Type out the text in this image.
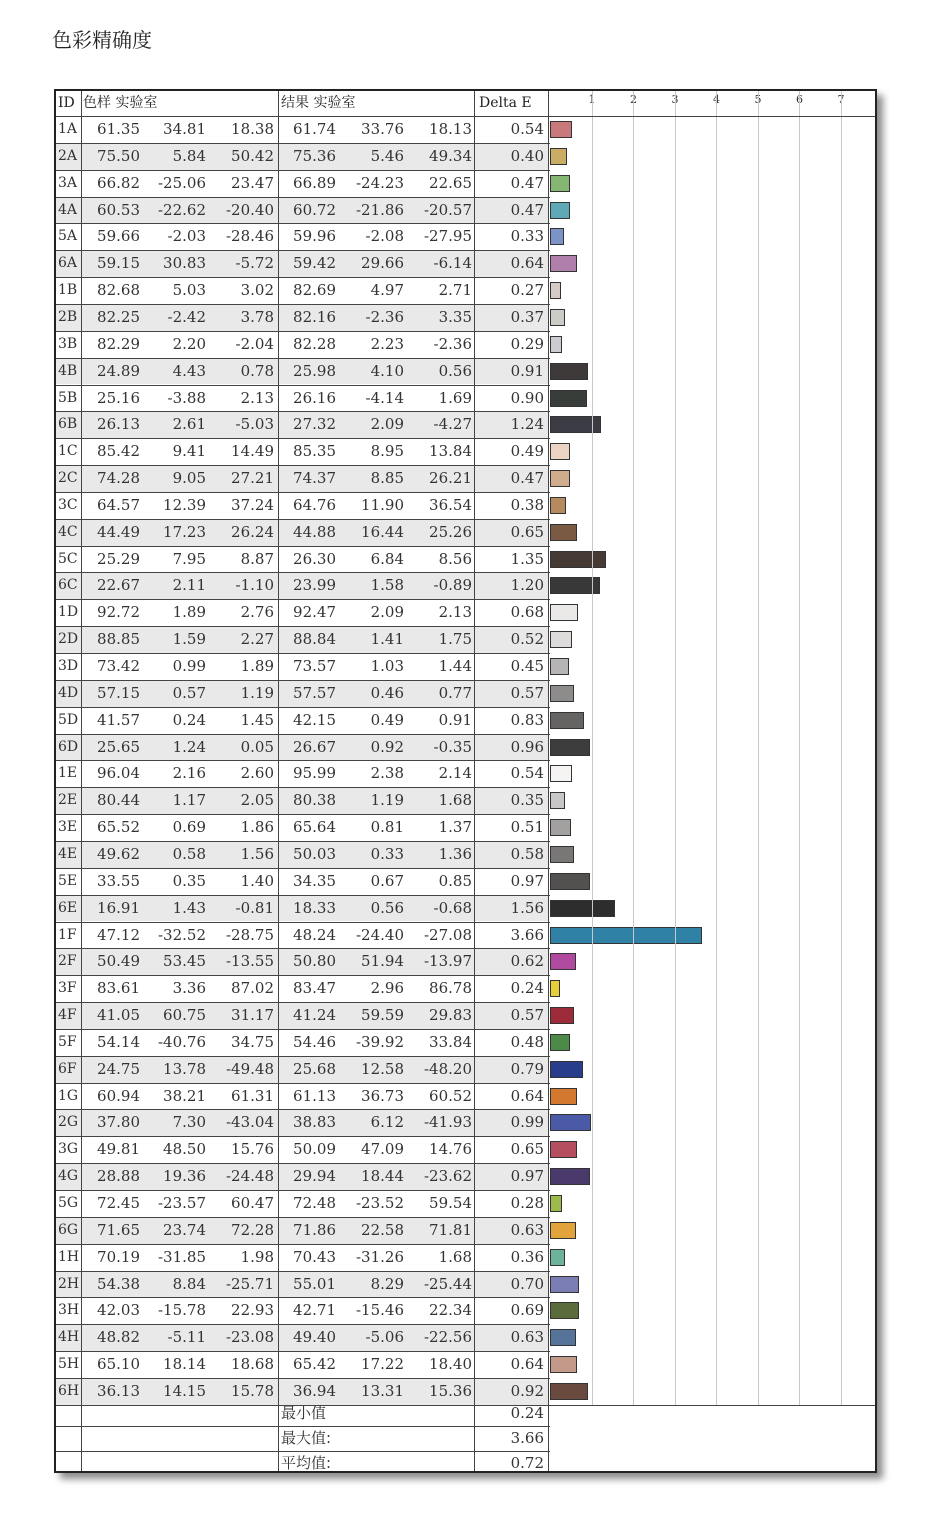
色彩精确度
ID 色样 实验室	结果 实验室	Delta E	1	2	3	4	5	6	7
1A	61.35	34.81	18.38	61.74	33.76	18.13	0.54
2A	75.50	5.84	50.42	75.36	5.46	49.34	0.40
3A	66.82	-25.06	23.47	66.89	-24.23	22.65	0.47
4A	60.53	-22.62	-20.40	60.72	-21.86	-20.57	0.47
5A	59.66	-2.03	-28.46	59.96	-2.08	-27.95	0.33
6A	59.15	30.83	-5.72	59.42	29.66	-6.14	0.64
1B	82.68	5.03	3.02	82.69	4.97	2.71	0.27
2B	82.25	-2.42	3.78	82.16	-2.36	3.35	0.37
3B	82.29	2.20	-2.04	82.28	2.23	-2.36	0.29
4B	24.89	4.43	0.78	25.98	4.10	0.56	0.91
5B	25.16	-3.88	2.13	26.16	-4.14	1.69	0.90
6B	26.13	2.61	-5.03	27.32	2.09	-4.27	1.24
1C	85.42	9.41	14.49	85.35	8.95	13.84	0.49
2C	74.28	9.05	27.21	74.37	8.85	26.21	0.47
3C	64.57	12.39	37.24	64.76	11.90	36.54	0.38
4C	44.49	17.23	26.24	44.88	16.44	25.26	0.65
5C	25.29	7.95	8.87	26.30	6.84	8.56	1.35
6C	22.67	2.11	-1.10	23.99	1.58	-0.89	1.20
1D	92.72	1.89	2.76	92.47	2.09	2.13	0.68
2D	88.85	1.59	2.27	88.84	1.41	1.75	0.52
3D	73.42	0.99	1.89	73.57	1.03	1.44	0.45
4D	57.15	0.57	1.19	57.57	0.46	0.77	0.57
5D	41.57	0.24	1.45	42.15	0.49	0.91	0.83
6D	25.65	1.24	0.05	26.67	0.92	-0.35	0.96
1E	96.04	2.16	2.60	95.99	2.38	2.14	0.54
2E	80.44	1.17	2.05	80.38	1.19	1.68	0.35
3E	65.52	0.69	1.86	65.64	0.81	1.37	0.51
4E	49.62	0.58	1.56	50.03	0.33	1.36	0.58
5E	33.55	0.35	1.40	34.35	0.67	0.85	0.97
6E	16.91	1.43	-0.81	18.33	0.56	-0.68	1.56
1F	47.12	-32.52	-28.75	48.24	-24.40	-27.08	3.66
2F	50.49	53.45	-13.55	50.80	51.94	-13.97	0.62
3F	83.61	3.36	87.02	83.47	2.96	86.78	0.24
4F	41.05	60.75	31.17	41.24	59.59	29.83	0.57
5F	54.14	-40.76	34.75	54.46	-39.92	33.84	0.48
6F	24.75	13.78	-49.48	25.68	12.58	-48.20	0.79
1G	60.94	38.21	61.31	61.13	36.73	60.52	0.64
2G	37.80	7.30	-43.04	38.83	6.12	-41.93	0.99
3G	49.81	48.50	15.76	50.09	47.09	14.76	0.65
4G	28.88	19.36	-24.48	29.94	18.44	-23.62	0.97
5G	72.45	-23.57	60.47	72.48	-23.52	59.54	0.28
6G	71.65	23.74	72.28	71.86	22.58	71.81	0.63
1H	70.19	-31.85	1.98	70.43	-31.26	1.68	0.36
2H	54.38	8.84	-25.71	55.01	8.29	-25.44	0.70
3H	42.03	-15.78	22.93	42.71	-15.46	22.34	0.69
4H	48.82	-5.11	-23.08	49.40	-5.06	-22.56	0.63
5H	65.10	18.14	18.68	65.42	17.22	18.40	0.64
6H	36.13	14.15	15.78	36.94	13.31	15.36	0.92
最小值	0.24
最大值:	3.66
平均值:	0.72
